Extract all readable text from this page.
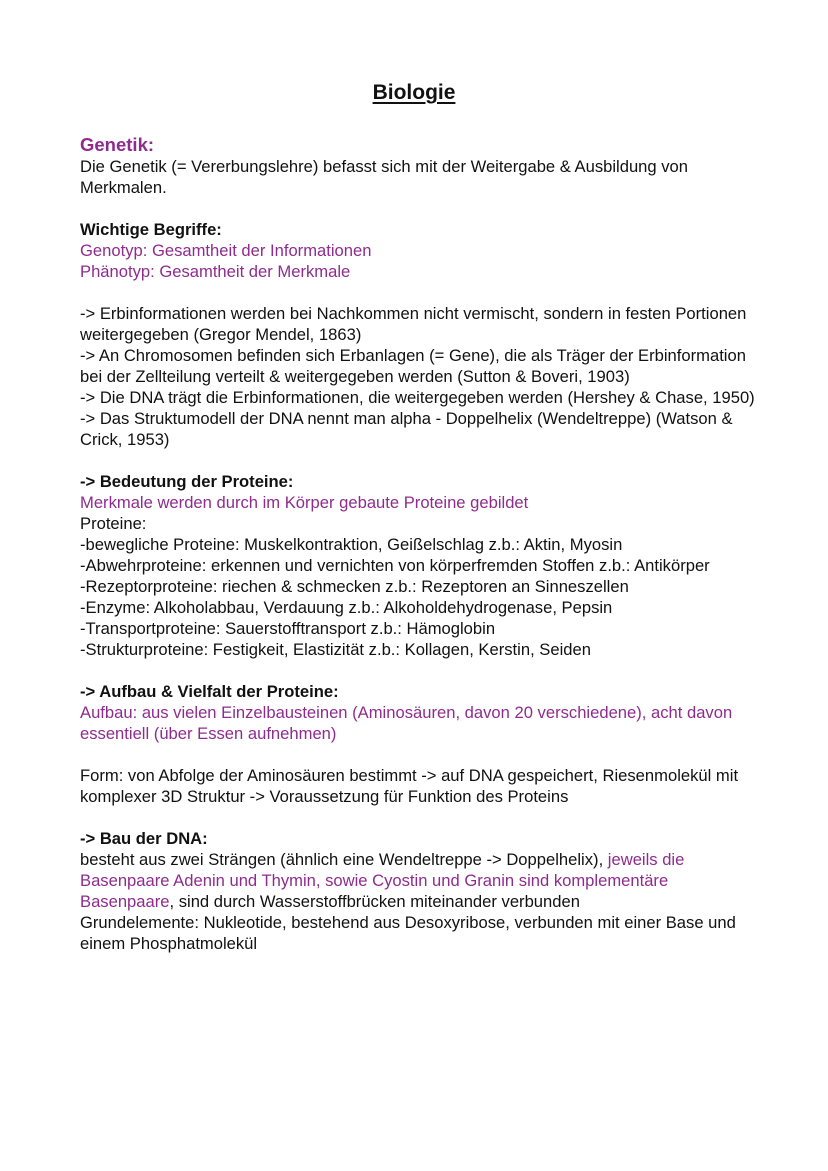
Biologie

Genetik:

Die Genetik (= Vererbungslehre) befasst sich mit der Weitergabe & Ausbildung von Merkmalen.

Wichtige Begriffe:

Genotyp: Gesamtheit der Informationen

Phänotyp: Gesamtheit der Merkmale

-> Erbinformationen werden bei Nachkommen nicht vermischt, sondern in festen Portionen weitergegeben (Gregor Mendel, 1863)

-> An Chromosomen befinden sich Erbanlagen (= Gene), die als Träger der Erbinformation bei der Zellteilung verteilt & weitergegeben werden (Sutton & Boveri, 1903)

-> Die DNA trägt die Erbinformationen, die weitergegeben werden (Hershey & Chase, 1950)

-> Das Struktumodell der DNA nennt man alpha - Doppelhelix (Wendeltreppe) (Watson & Crick, 1953)

-> Bedeutung der Proteine:

Merkmale werden durch im Körper gebaute Proteine gebildet

Proteine:

-bewegliche Proteine: Muskelkontraktion, Geißelschlag z.b.: Aktin, Myosin

-Abwehrproteine: erkennen und vernichten von körperfremden Stoffen z.b.: Antikörper

-Rezeptorproteine: riechen & schmecken z.b.: Rezeptoren an Sinneszellen

-Enzyme: Alkoholabbau, Verdauung z.b.: Alkoholdehydrogenase, Pepsin

-Transportproteine: Sauerstofftransport z.b.: Hämoglobin

-Strukturproteine: Festigkeit, Elastizität z.b.: Kollagen, Kerstin, Seiden

-> Aufbau & Vielfalt der Proteine:

Aufbau: aus vielen Einzelbausteinen (Aminosäuren, davon 20 verschiedene), acht davon essentiell (über Essen aufnehmen)

Form: von Abfolge der Aminosäuren bestimmt -> auf DNA gespeichert, Riesenmolekül mit komplexer 3D Struktur -> Voraussetzung für Funktion des Proteins

-> Bau der DNA:

besteht aus zwei Strängen (ähnlich eine Wendeltreppe -> Doppelhelix), jeweils die Basenpaare Adenin und Thymin, sowie Cyostin und Granin sind komplementäre Basenpaare, sind durch Wasserstoffbrücken miteinander verbunden

Grundelemente: Nukleotide, bestehend aus Desoxyribose, verbunden mit einer Base und einem Phosphatmolekül
